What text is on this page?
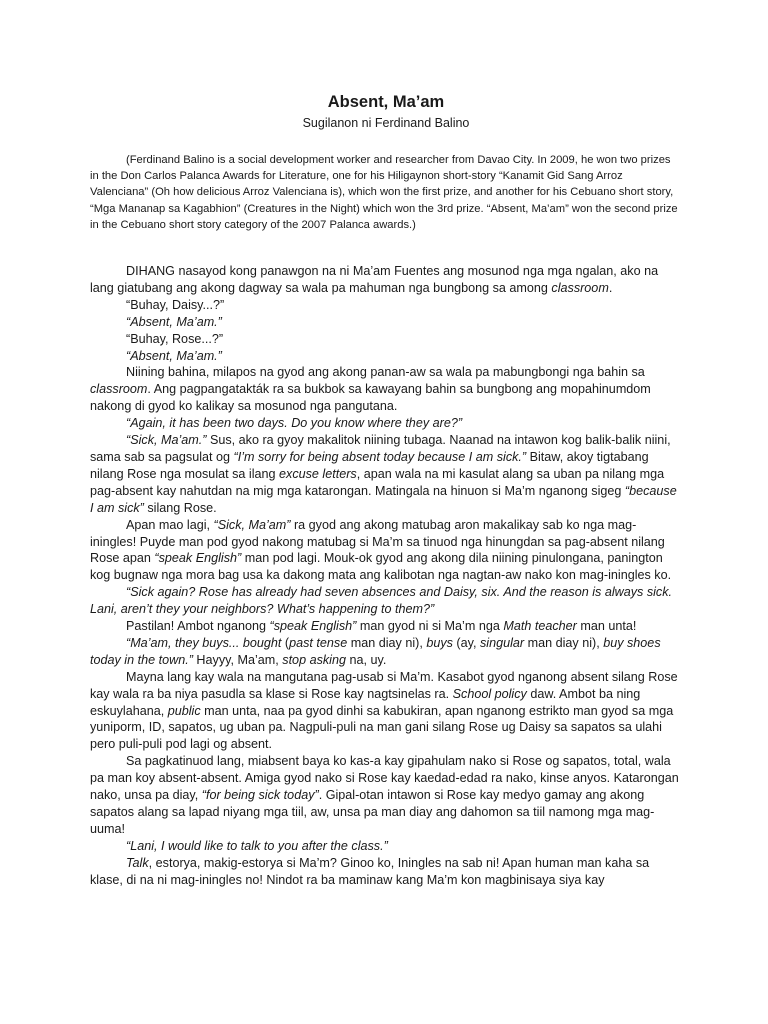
Absent, Ma’am

Sugilanon ni Ferdinand Balino

(Ferdinand Balino is a social development worker and researcher from Davao City. In 2009, he won two prizes in the Don Carlos Palanca Awards for Literature, one for his Hiligaynon short-story “Kanamit Gid Sang Arroz Valenciana” (Oh how delicious Arroz Valenciana is), which won the first prize, and another for his Cebuano short story, “Mga Mananap sa Kagabhion” (Creatures in the Night) which won the 3rd prize. “Absent, Ma’am” won the second prize in the Cebuano short story category of the 2007 Palanca awards.)

DIHANG nasayod kong panawgon na ni Ma’am Fuentes ang mosunod nga mga ngalan, ako na lang giatubang ang akong dagway sa wala pa mahuman nga bungbong sa among classroom.

“Buhay, Daisy...?”

“Absent, Ma’am.”

“Buhay, Rose...?”

“Absent, Ma’am.”

Niining bahina, milapos na gyod ang akong panan-aw sa wala pa mabungbongi nga bahin sa classroom. Ang pagpangatakták ra sa bukbok sa kawayang bahin sa bungbong ang mopahinumdom nakong di gyod ko kalikay sa mosunod nga pangutana.

“Again, it has been two days. Do you know where they are?”

“Sick, Ma’am.” Sus, ako ra gyoy makalitok niining tubaga. Naanad na intawon kog balik-balik niini, sama sab sa pagsulat og “I’m sorry for being absent today because I am sick.” Bitaw, akoy tigtabang nilang Rose nga mosulat sa ilang excuse letters, apan wala na mi kasulat alang sa uban pa nilang mga pag-absent kay nahutdan na mig mga katarongan. Matingala na hinuon si Ma’m nganong sigeg “because I am sick” silang Rose.

Apan mao lagi, “Sick, Ma’am” ra gyod ang akong matubag aron makalikay sab ko nga mag-iningles! Puyde man pod gyod nakong matubag si Ma’m sa tinuod nga hinungdan sa pag-absent nilang Rose apan “speak English” man pod lagi. Mouk-ok gyod ang akong dila niining pinulongana, panington kog bugnaw nga mora bag usa ka dakong mata ang kalibotan nga nagtan-aw nako kon mag-iningles ko.

“Sick again? Rose has already had seven absences and Daisy, six. And the reason is always sick. Lani, aren’t they your neighbors? What’s happening to them?”

Pastilan! Ambot nganong “speak English” man gyod ni si Ma’m nga Math teacher man unta!

“Ma’am, they buys... bought (past tense man diay ni), buys (ay, singular man diay ni), buy shoes today in the town.” Hayyy, Ma’am, stop asking na, uy.

Mayna lang kay wala na mangutana pag-usab si Ma’m. Kasabot gyod nganong absent silang Rose kay wala ra ba niya pasudla sa klase si Rose kay nagtsinelas ra. School policy daw. Ambot ba ning eskuylahana, public man unta, naa pa gyod dinhi sa kabukiran, apan nganong estrikto man gyod sa mga yuniporm, ID, sapatos, ug uban pa. Nagpuli-puli na man gani silang Rose ug Daisy sa sapatos sa ulahi pero puli-puli pod lagi og absent.

Sa pagkatinuod lang, miabsent baya ko kas-a kay gipahulam nako si Rose og sapatos, total, wala pa man koy absent-absent. Amiga gyod nako si Rose kay kaedad-edad ra nako, kinse anyos. Katarongan nako, unsa pa diay, “for being sick today”. Gipal-otan intawon si Rose kay medyo gamay ang akong sapatos alang sa lapad niyang mga tiil, aw, unsa pa man diay ang dahomon sa tiil namong mga mag-uuma!

“Lani, I would like to talk to you after the class.”

Talk, estorya, makig-estorya si Ma’m? Ginoo ko, Iningles na sab ni! Apan human man kaha sa klase, di na ni mag-iningles no! Nindot ra ba maminaw kang Ma’m kon magbinisaya siya kay
